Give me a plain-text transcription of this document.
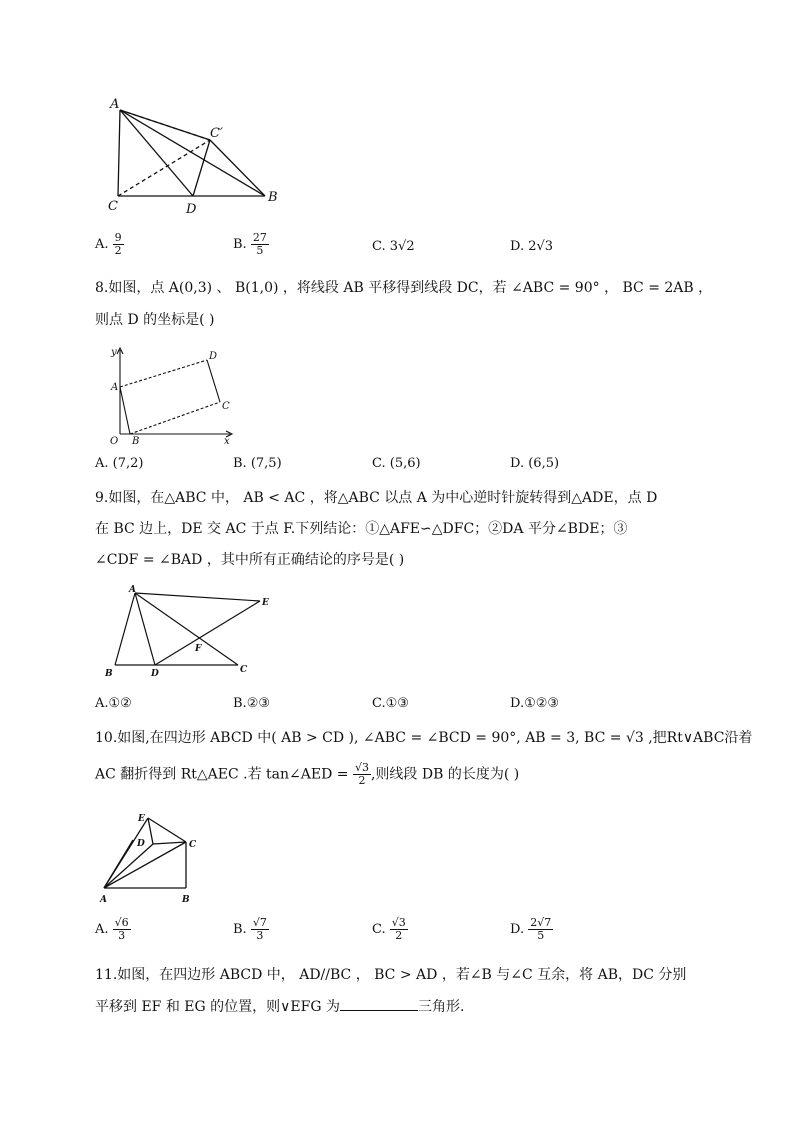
A
C′
C	D
B
A. $\frac{9}{2}$	B. $\frac{27}{5}$	C. 3√2	D. 2√3
8.如图，点 A(0,3) 、 B(1,0) ，将线段 AB 平移得到线段 DC，若 ∠ABC = 90° ， BC = 2AB ，
则点 D 的坐标是( )
y
A
D
C
O B	x
A. (7,2)	B. (7,5)	C. (5,6)	D. (6,5)
9.如图，在△ABC 中， AB < AC ，将△ABC 以点 A 为中心逆时针旋转得到△ADE，点 D
在 BC 边上，DE 交 AC 于点 F.下列结论：①△AFE∽△DFC；②DA 平分∠BDE；③
∠CDF = ∠BAD ，其中所有正确结论的序号是( )
A
E
F
B	D	C
A.①②	B.②③	C.①③	D.①②③
10.如图,在四边形 ABCD 中( AB > CD ), ∠ABC = ∠BCD = 90°, AB = 3, BC = √3 ,把Rt∨ABC沿着
AC 翻折得到 Rt△AEC .若 tan∠AED = $\frac{√3}{2}$ ,则线段 DB 的长度为( )
E
D	C
A	B
A. $\frac{√6}{3}$	B. $\frac{√7}{3}$	C. $\frac{√3}{2}$	D. $\frac{2√7}{5}$
11.如图，在四边形 ABCD 中， AD//BC ， BC > AD ，若∠B 与∠C 互余，将 AB，DC 分别
平移到 EF 和 EG 的位置，则∨EFG 为	三角形.
